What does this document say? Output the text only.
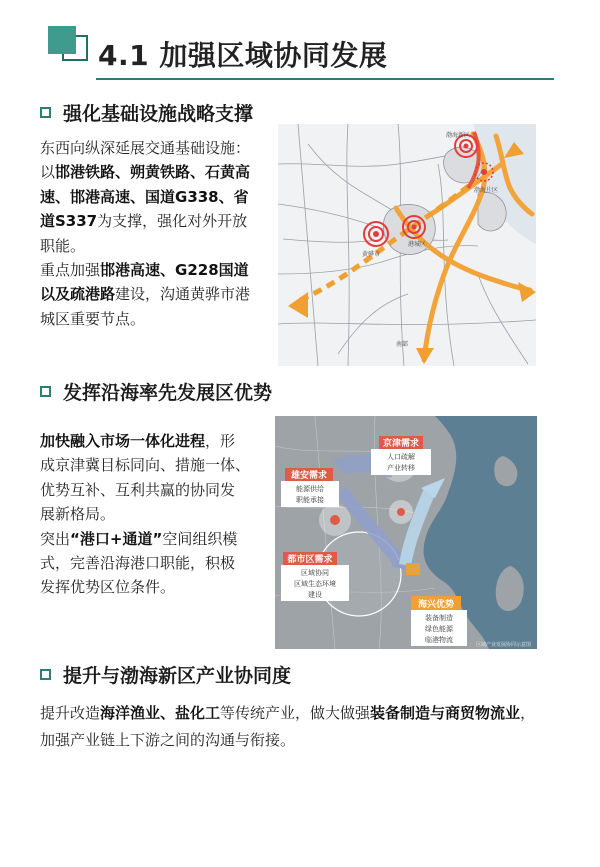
4.1 加强区域协同发展
强化基础设施战略支撑

东西向纵深延展交通基础设施：

以邯港铁路、朔黄铁路、石黄高

速、邯港高速、国道G338、省

道S337为支撑，强化对外开放

职能。

重点加强邯港高速、G228国道

以及疏港路建设，沟通黄骅市港

城区重要节点。

渤海新区
渤海片区
黄骅市
港城区
南部
发挥沿海率先发展区优势

加快融入市场一体化进程，形

成京津冀目标同向、措施一体、

优势互补、互利共赢的协同发

展新格局。

突出“港口+通道”空间组织模

式，完善沿海港口职能，积极

发挥优势区位条件。

京津需求
人口疏解
产业转移
雄安需求
能源供给
职能承接
都市区需求
区域协同
区域生态环境
建设
海兴优势
装备制造
绿色能源
临港物流
区域产业发展协同示意图
提升与渤海新区产业协同度

提升改造海洋渔业、盐化工等传统产业，做大做强装备制造与商贸物流业，

加强产业链上下游之间的沟通与衔接。
